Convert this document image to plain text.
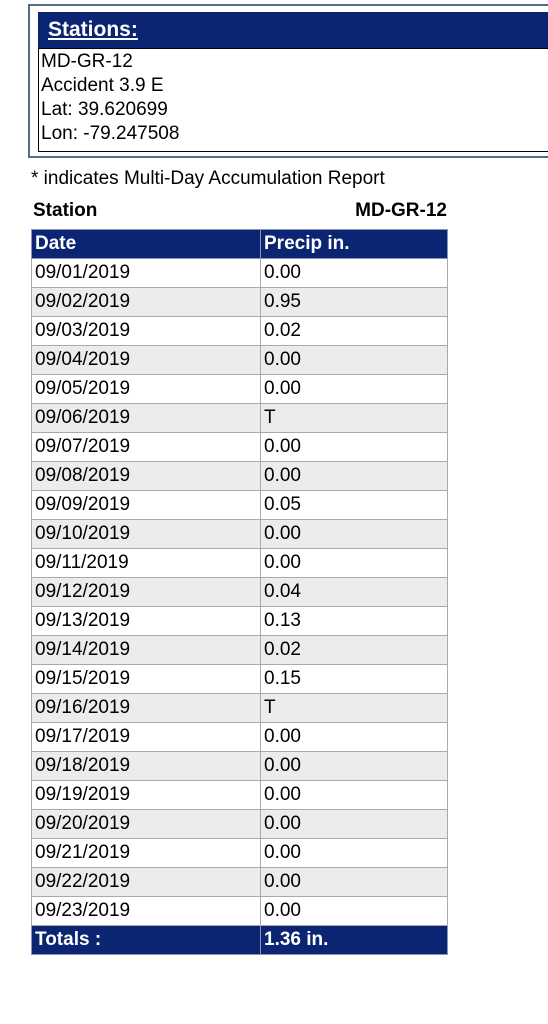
Stations:
MD-GR-12
Accident 3.9 E
Lat: 39.620699
Lon: -79.247508
* indicates Multi-Day Accumulation Report
Station	MD-GR-12
Date	Precip in.
09/01/2019	0.00
09/02/2019	0.95
09/03/2019	0.02
09/04/2019	0.00
09/05/2019	0.00
09/06/2019	T
09/07/2019	0.00
09/08/2019	0.00
09/09/2019	0.05
09/10/2019	0.00
09/11/2019	0.00
09/12/2019	0.04
09/13/2019	0.13
09/14/2019	0.02
09/15/2019	0.15
09/16/2019	T
09/17/2019	0.00
09/18/2019	0.00
09/19/2019	0.00
09/20/2019	0.00
09/21/2019	0.00
09/22/2019	0.00
09/23/2019	0.00
Totals :	1.36 in.
